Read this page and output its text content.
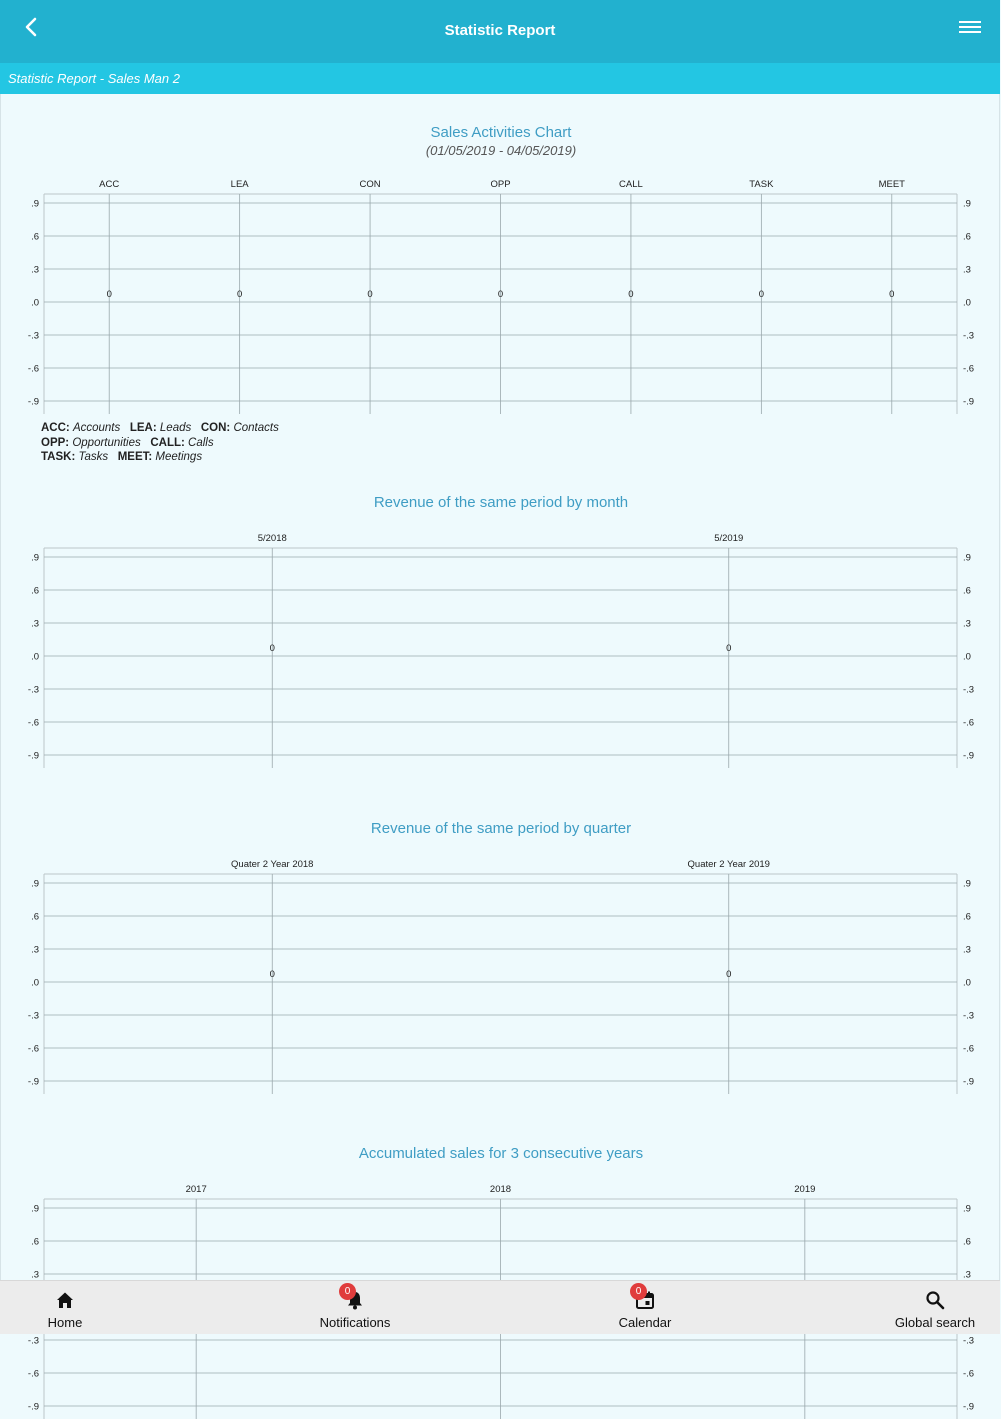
Statistic Report
Statistic Report - Sales Man 2
Sales Activities Chart
(01/05/2019 - 04/05/2019)
.9	.9
.6	.6
.3	.3
.0	.0
-.3	-.3
-.6	-.6
-.9	-.9
ACC
0
LEA
0
CON
0
OPP
0
CALL
0
TASK
0
MEET
0
ACC: Accounts LEA: Leads CON: Contacts
OPP: Opportunities CALL: Calls
TASK: Tasks MEET: Meetings
Revenue of the same period by month
.9	.9
.6	.6
.3	.3
.0	.0
-.3	-.3
-.6	-.6
-.9	-.9
5/2018
0
5/2019
0
Revenue of the same period by quarter
.9	.9
.6	.6
.3	.3
.0	.0
-.3	-.3
-.6	-.6
-.9	-.9
Quater 2 Year 2018
0
Quater 2 Year 2019
0
Accumulated sales for 3 consecutive years
.9	.9
.6	.6
.3	.3
-.3	-.3
-.6	-.6
-.9	-.9
2017	2018	2019
Home
0
Notifications
0
Calendar	Global search
